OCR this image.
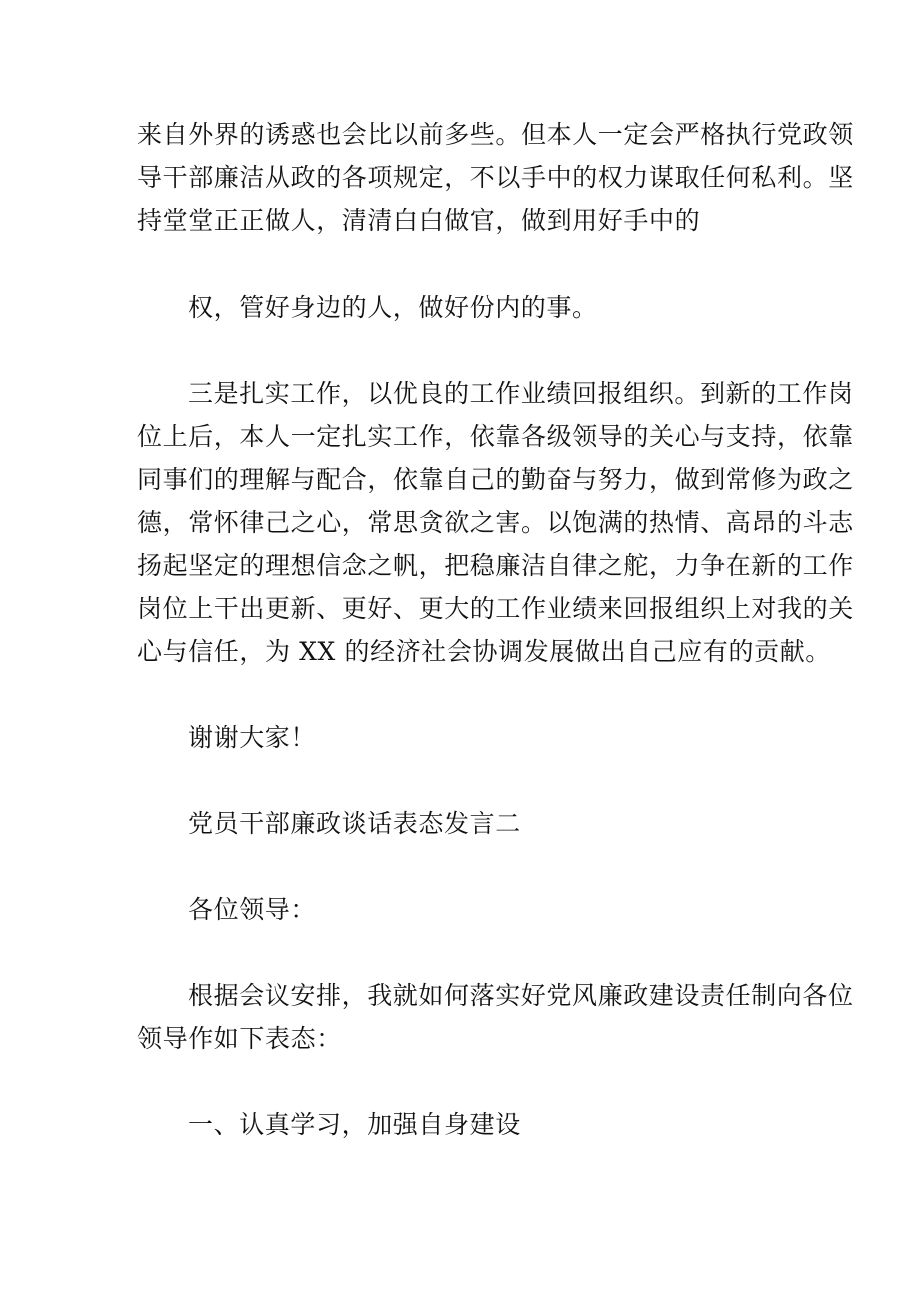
来自外界的诱惑也会比以前多些。但本人一定会严格执行党政领
导干部廉洁从政的各项规定，不以手中的权力谋取任何私利。坚
持堂堂正正做人，清清白白做官，做到用好手中的
权，管好身边的人，做好份内的事。
三是扎实工作，以优良的工作业绩回报组织。到新的工作岗
位上后，本人一定扎实工作，依靠各级领导的关心与支持，依靠
同事们的理解与配合，依靠自己的勤奋与努力，做到常修为政之
德，常怀律己之心，常思贪欲之害。以饱满的热情、高昂的斗志
扬起坚定的理想信念之帆，把稳廉洁自律之舵，力争在新的工作
岗位上干出更新、更好、更大的工作业绩来回报组织上对我的关
心与信任，为 XX 的经济社会协调发展做出自己应有的贡献。
谢谢大家！
党员干部廉政谈话表态发言二
各位领导：
根据会议安排，我就如何落实好党风廉政建设责任制向各位
领导作如下表态：
一、认真学习，加强自身建设
